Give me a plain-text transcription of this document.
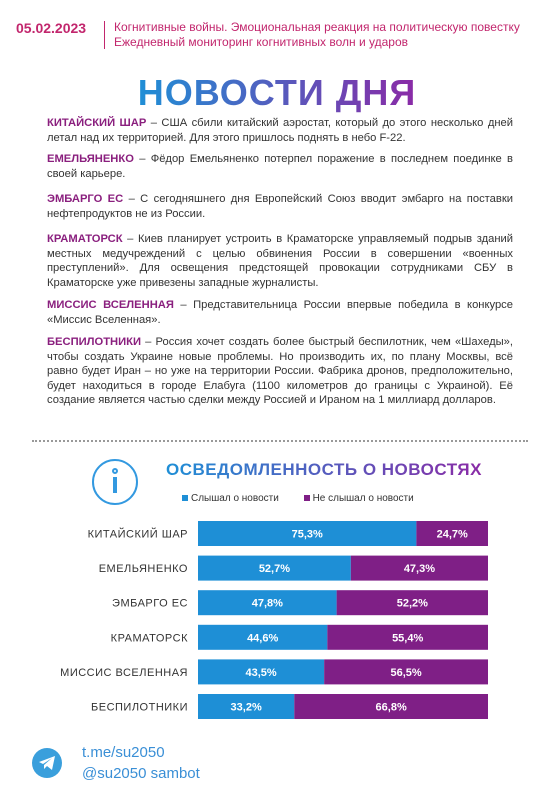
05.02.2023 Когнитивные войны. Эмоциональная реакция на политическую повестку
Ежедневный мониторинг когнитивных волн и ударов
НОВОСТИ ДНЯ

КИТАЙСКИЙ ШАР – США сбили китайский аэростат, который до этого несколько дней летал над их территорией. Для этого пришлось поднять в небо F-22.

ЕМЕЛЬЯНЕНКО – Фёдор Емельяненко потерпел поражение в последнем поединке в своей карьере.

ЭМБАРГО ЕС – С сегодняшнего дня Европейский Союз вводит эмбарго на поставки нефтепродуктов не из России.

КРАМАТОРСК – Киев планирует устроить в Краматорске управляемый подрыв зданий местных медучреждений с целью обвинения России в совершении «военных преступлений». Для освещения предстоящей провокации сотрудниками СБУ в Краматорске уже привезены западные журналисты.

МИССИС ВСЕЛЕННАЯ – Представительница России впервые победила в конкурсе «Миссис Вселенная».

БЕСПИЛОТНИКИ – Россия хочет создать более быстрый беспилотник, чем «Шахеды», чтобы создать Украине новые проблемы. Но производить их, по плану Москвы, всё равно будет Иран – но уже на территории России. Фабрика дронов, предположительно, будет находиться в городе Елабуга (1100 километров до границы с Украиной). Её создание является частью сделки между Россией и Ираном на 1 миллиард долларов.

ОСВЕДОМЛЕННОСТЬ О НОВОСТЯХ
Слышал о новости	Не слышал о новости
КИТАЙСКИЙ ШАР	75,3%	24,7%
ЕМЕЛЬЯНЕНКО	52,7%	47,3%
ЭМБАРГО ЕС	47,8%	52,2%
КРАМАТОРСК	44,6%	55,4%
МИССИС ВСЕЛЕННАЯ	43,5%	56,5%
БЕСПИЛОТНИКИ	33,2%	66,8%
t.me/su2050
@su2050 sambot
